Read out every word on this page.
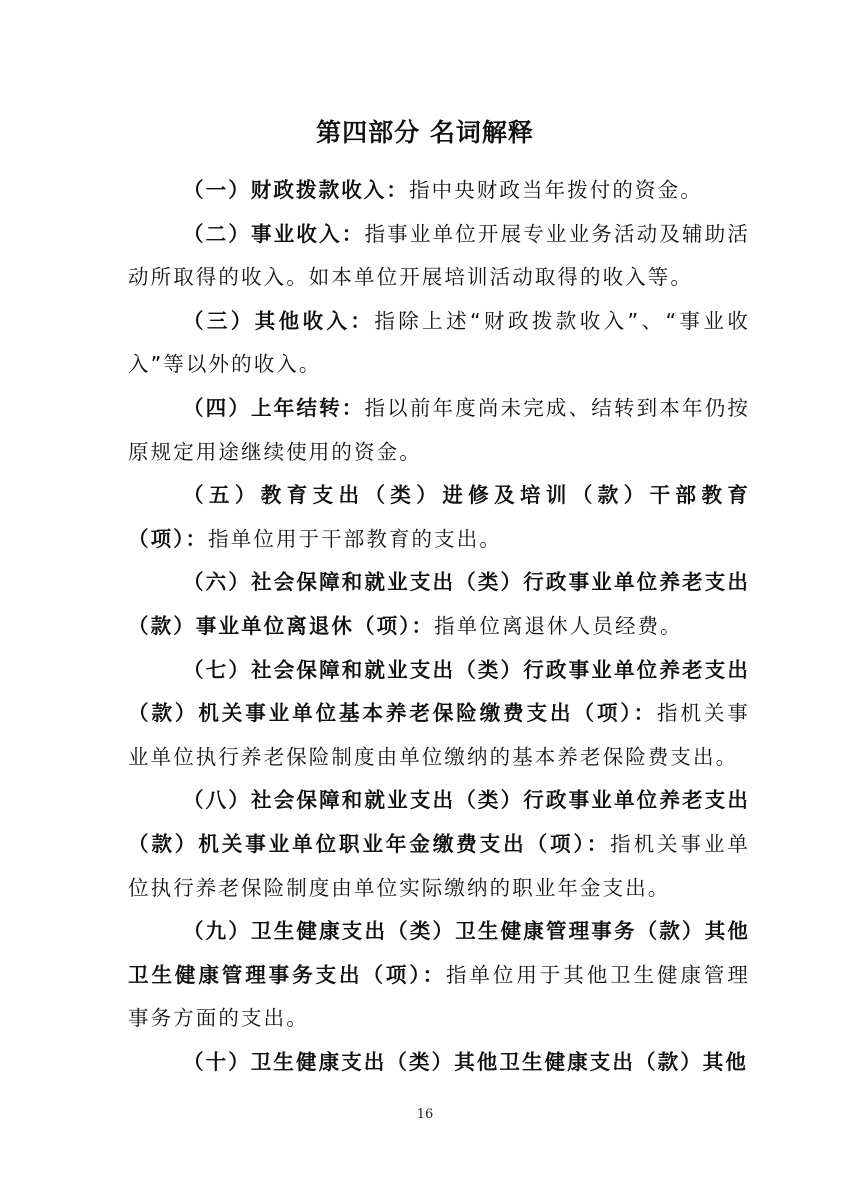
第四部分 名词解释

（一）财政拨款收入：指中央财政当年拨付的资金。

（二）事业收入：指事业单位开展专业业务活动及辅助活动所取得的收入。如本单位开展培训活动取得的收入等。

（三）其他收入：指除上述“财政拨款收入”、“事业收入”等以外的收入。

（四）上年结转：指以前年度尚未完成、结转到本年仍按原规定用途继续使用的资金。

（五）教育支出（类）进修及培训（款）干部教育（项）：指单位用于干部教育的支出。

（六）社会保障和就业支出（类）行政事业单位养老支出（款）事业单位离退休（项）：指单位离退休人员经费。

（七）社会保障和就业支出（类）行政事业单位养老支出（款）机关事业单位基本养老保险缴费支出（项）：指机关事业单位执行养老保险制度由单位缴纳的基本养老保险费支出。

（八）社会保障和就业支出（类）行政事业单位养老支出（款）机关事业单位职业年金缴费支出（项）：指机关事业单位执行养老保险制度由单位实际缴纳的职业年金支出。

（九）卫生健康支出（类）卫生健康管理事务（款）其他卫生健康管理事务支出（项）：指单位用于其他卫生健康管理事务方面的支出。

（十）卫生健康支出（类）其他卫生健康支出（款）其他

16
